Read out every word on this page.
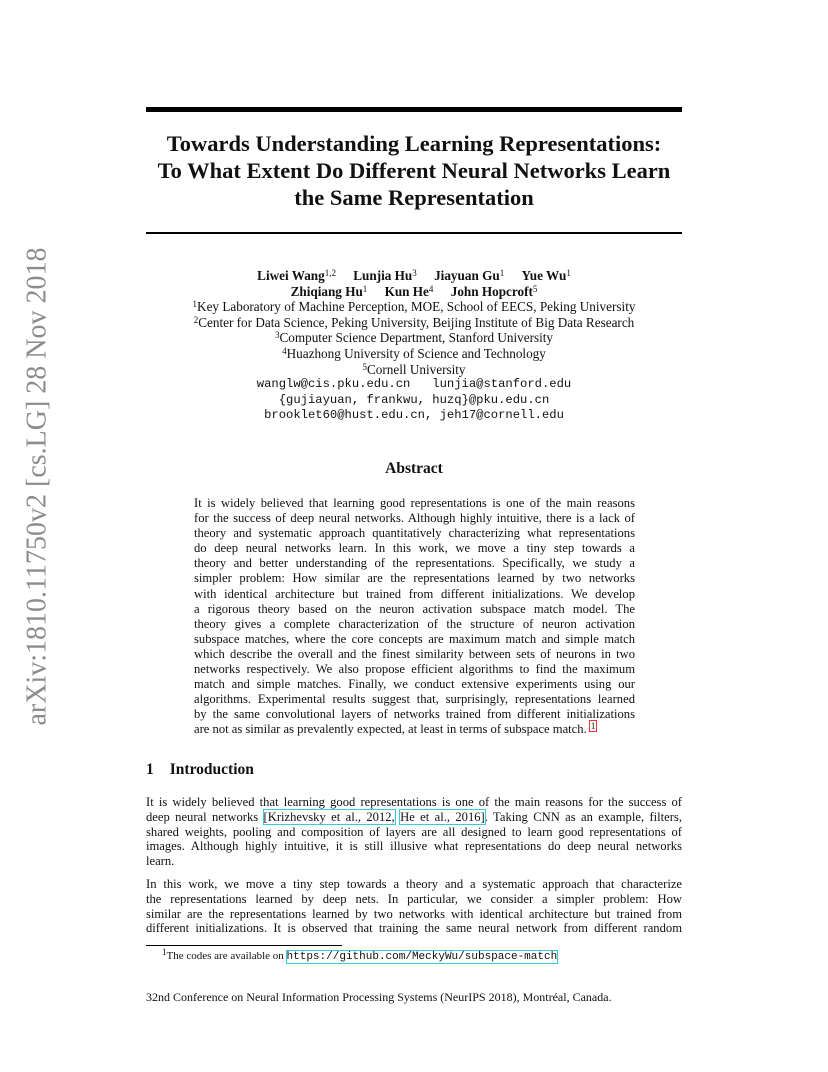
arXiv:1810.11750v2 [cs.LG] 28 Nov 2018
Towards Understanding Learning Representations:
To What Extent Do Different Neural Networks Learn
the Same Representation
Liwei Wang$^{1,2}$ Lunjia Hu$^3$ Jiayuan Gu$^1$ Yue Wu$^1$
Zhiqiang Hu$^1$ Kun He$^4$ John Hopcroft$^5$
$^1$Key Laboratory of Machine Perception, MOE, School of EECS, Peking University
$^2$Center for Data Science, Peking University, Beijing Institute of Big Data Research
$^3$Computer Science Department, Stanford University
$^4$Huazhong University of Science and Technology
$^5$Cornell University
wanglw@cis.pku.edu.cn   lunjia@stanford.edu
{gujiayuan, frankwu, huzq}@pku.edu.cn
brooklet60@hust.edu.cn, jeh17@cornell.edu
Abstract
It is widely believed that learning good representations is one of the main reasons
for the success of deep neural networks. Although highly intuitive, there is a lack of
theory and systematic approach quantitatively characterizing what representations
do deep neural networks learn. In this work, we move a tiny step towards a
theory and better understanding of the representations. Specifically, we study a
simpler problem: How similar are the representations learned by two networks
with identical architecture but trained from different initializations. We develop
a rigorous theory based on the neuron activation subspace match model. The
theory gives a complete characterization of the structure of neuron activation
subspace matches, where the core concepts are maximum match and simple match
which describe the overall and the finest similarity between sets of neurons in two
networks respectively. We also propose efficient algorithms to find the maximum
match and simple matches. Finally, we conduct extensive experiments using our
algorithms. Experimental results suggest that, surprisingly, representations learned
by the same convolutional layers of networks trained from different initializations
are not as similar as prevalently expected, at least in terms of subspace match. $^1$
1 Introduction
It is widely believed that learning good representations is one of the main reasons for the success of
deep neural networks [Krizhevsky et al., 2012, He et al., 2016]. Taking CNN as an example, filters,
shared weights, pooling and composition of layers are all designed to learn good representations of
images. Although highly intuitive, it is still illusive what representations do deep neural networks
learn.
In this work, we move a tiny step towards a theory and a systematic approach that characterize
the representations learned by deep nets. In particular, we consider a simpler problem: How
similar are the representations learned by two networks with identical architecture but trained from
different initializations. It is observed that training the same neural network from different random
$^1$The codes are available on https://github.com/MeckyWu/subspace-match
32nd Conference on Neural Information Processing Systems (NeurIPS 2018), Montréal, Canada.
